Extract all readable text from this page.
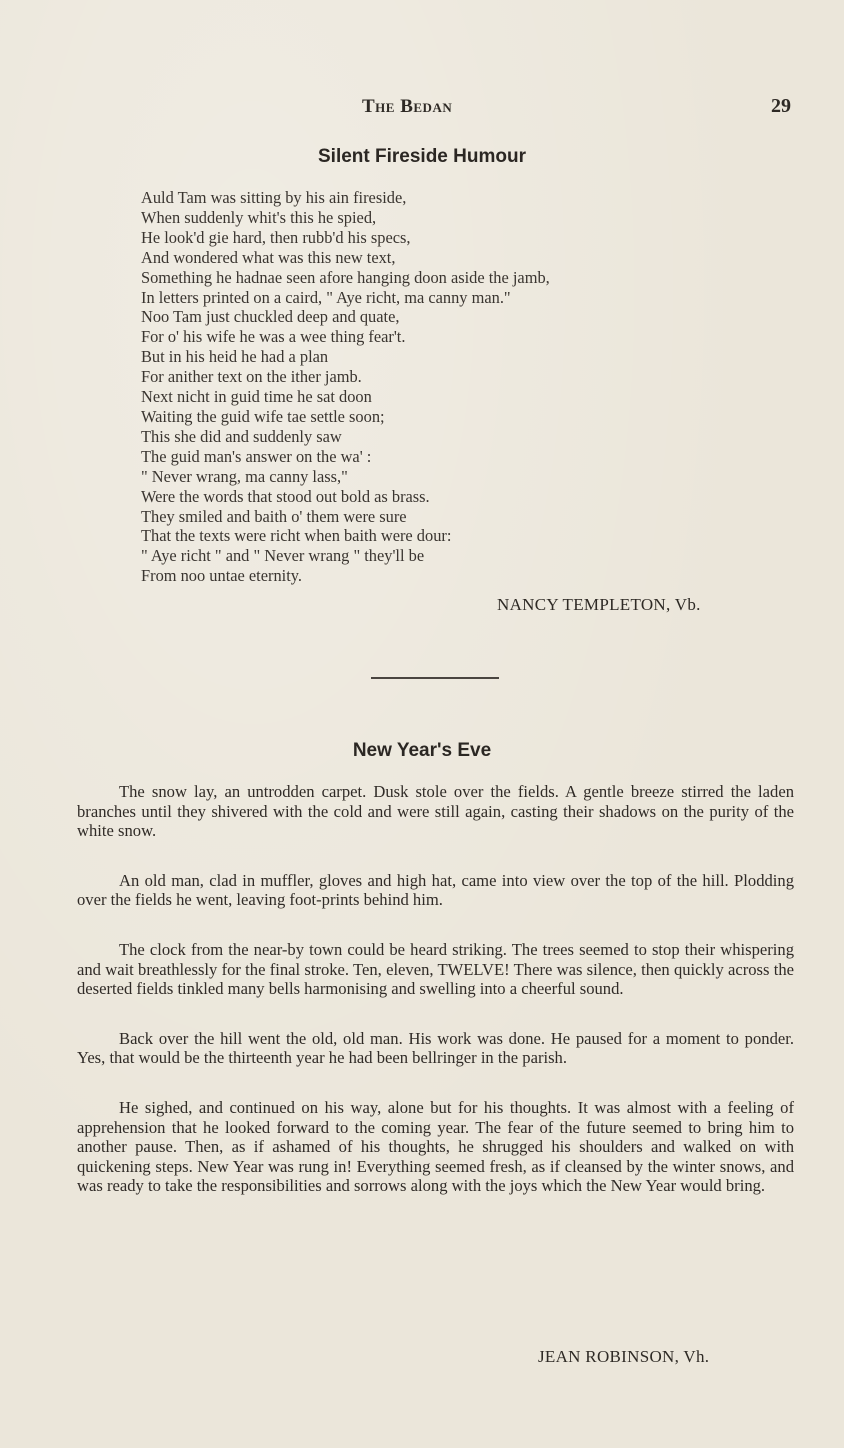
The Bedan	29
Silent Fireside Humour
Auld Tam was sitting by his ain fireside,
When suddenly whit's this he spied,
He look'd gie hard, then rubb'd his specs,
And wondered what was this new text,
Something he hadnae seen afore hanging doon aside the jamb,
In letters printed on a caird, " Aye richt, ma canny man."
Noo Tam just chuckled deep and quate,
For o' his wife he was a wee thing fear't.
But in his heid he had a plan
For anither text on the ither jamb.
Next nicht in guid time he sat doon
Waiting the guid wife tae settle soon;
This she did and suddenly saw
The guid man's answer on the wa' :
" Never wrang, ma canny lass,"
Were the words that stood out bold as brass.
They smiled and baith o' them were sure
That the texts were richt when baith were dour:
" Aye richt " and " Never wrang " they'll be
From noo untae eternity.
NANCY TEMPLETON, Vb.
New Year's Eve

The snow lay, an untrodden carpet. Dusk stole over the fields. A gentle breeze stirred the laden branches until they shivered with the cold and were still again, casting their shadows on the purity of the white snow.

An old man, clad in muffler, gloves and high hat, came into view over the top of the hill. Plodding over the fields he went, leaving foot-prints behind him.

The clock from the near-by town could be heard striking. The trees seemed to stop their whispering and wait breathlessly for the final stroke. Ten, eleven, TWELVE! There was silence, then quickly across the deserted fields tinkled many bells harmonising and swelling into a cheerful sound.

Back over the hill went the old, old man. His work was done. He paused for a moment to ponder. Yes, that would be the thirteenth year he had been bellringer in the parish.

He sighed, and continued on his way, alone but for his thoughts. It was almost with a feeling of apprehension that he looked forward to the coming year. The fear of the future seemed to bring him to another pause. Then, as if ashamed of his thoughts, he shrugged his shoulders and walked on with quickening steps. New Year was rung in! Everything seemed fresh, as if cleansed by the winter snows, and was ready to take the responsibilities and sorrows along with the joys which the New Year would bring.

JEAN ROBINSON, Vh.
